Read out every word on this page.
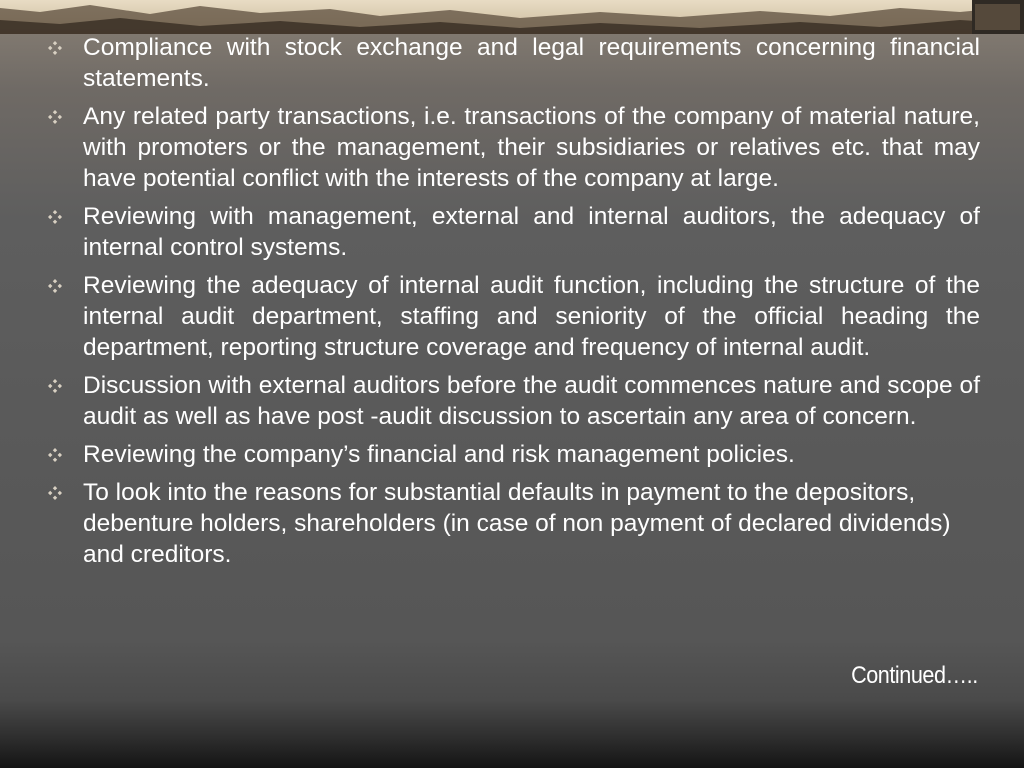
Compliance with stock exchange and legal requirements concerning financial statements.
Any related party transactions, i.e. transactions of the company of material nature, with promoters or the management, their subsidiaries or relatives etc. that may have potential conflict with the interests of the company at large.
Reviewing with management, external and internal auditors, the adequacy of internal control systems.
Reviewing the adequacy of internal audit function, including the structure of the internal audit department, staffing and seniority of the official heading the department, reporting structure coverage and frequency of internal audit.
Discussion with external auditors before the audit commences nature and scope of audit as well as have post -audit discussion to ascertain any area of concern.
Reviewing the company’s financial and risk management policies.
To look into the reasons for substantial defaults in payment to the depositors, debenture holders, shareholders (in case of non payment of declared dividends) and creditors.
Continued…..
